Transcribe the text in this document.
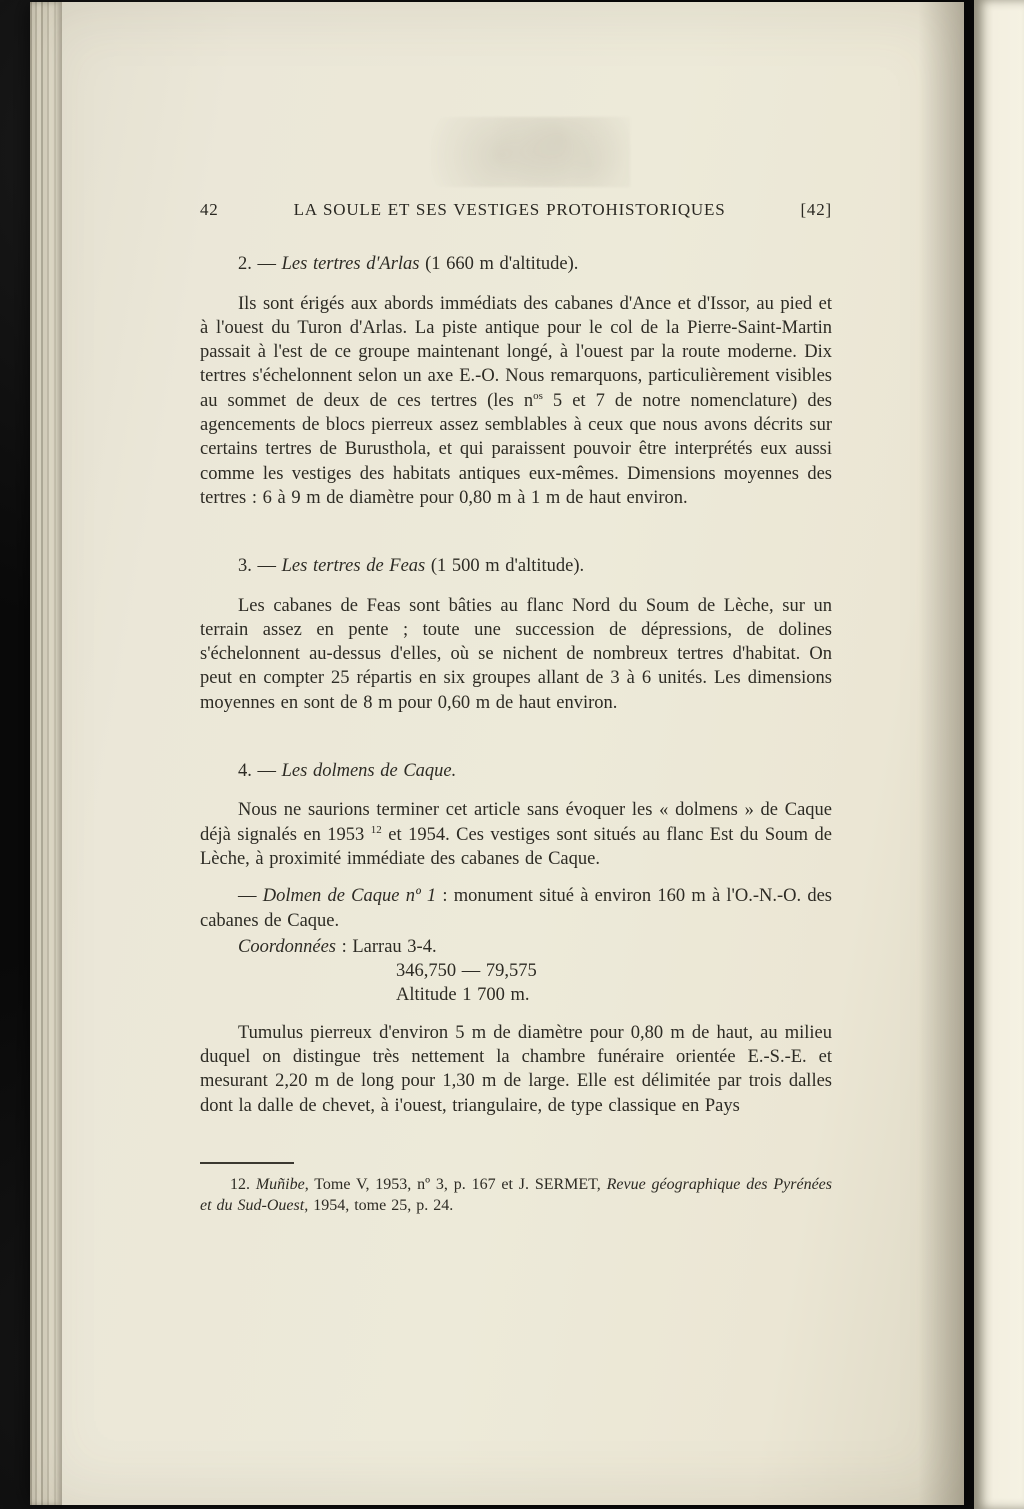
42	LA SOULE ET SES VESTIGES PROTOHISTORIQUES	[42]

2. — Les tertres d'Arlas (1 660 m d'altitude).

Ils sont érigés aux abords immédiats des cabanes d'Ance et d'Issor, au pied et à l'ouest du Turon d'Arlas. La piste antique pour le col de la Pierre-Saint-Martin passait à l'est de ce groupe maintenant longé, à l'ouest par la route moderne. Dix tertres s'échelonnent selon un axe E.-O. Nous remarquons, particulièrement visibles au sommet de deux de ces tertres (les $n^{os}$ 5 et 7 de notre nomenclature) des agencements de blocs pierreux assez semblables à ceux que nous avons décrits sur certains tertres de Burusthola, et qui paraissent pouvoir être interprétés eux aussi comme les vestiges des habitats antiques eux-mêmes. Dimensions moyennes des tertres : 6 à 9 m de diamètre pour 0,80 m à 1 m de haut environ.

3. — Les tertres de Feas (1 500 m d'altitude).

Les cabanes de Feas sont bâties au flanc Nord du Soum de Lèche, sur un terrain assez en pente ; toute une succession de dépressions, de dolines s'échelonnent au-dessus d'elles, où se nichent de nombreux tertres d'habitat. On peut en compter 25 répartis en six groupes allant de 3 à 6 unités. Les dimensions moyennes en sont de 8 m pour 0,60 m de haut environ.

4. — Les dolmens de Caque.

Nous ne saurions terminer cet article sans évoquer les « dolmens » de Caque déjà signalés en 1953 $^{12}$ et 1954. Ces vestiges sont situés au flanc Est du Soum de Lèche, à proximité immédiate des cabanes de Caque.

— Dolmen de Caque nº 1 : monument situé à environ 160 m à l'O.-N.-O. des cabanes de Caque.

Coordonnées : Larrau 3-4.
346,750 — 79,575
Altitude 1 700 m.

Tumulus pierreux d'environ 5 m de diamètre pour 0,80 m de haut, au milieu duquel on distingue très nettement la chambre funéraire orientée E.-S.-E. et mesurant 2,20 m de long pour 1,30 m de large. Elle est délimitée par trois dalles dont la dalle de chevet, à i'ouest, triangulaire, de type classique en Pays

12. Muñibe, Tome V, 1953, nº 3, p. 167 et J. SERMET, Revue géographique des Pyrénées et du Sud-Ouest, 1954, tome 25, p. 24.
